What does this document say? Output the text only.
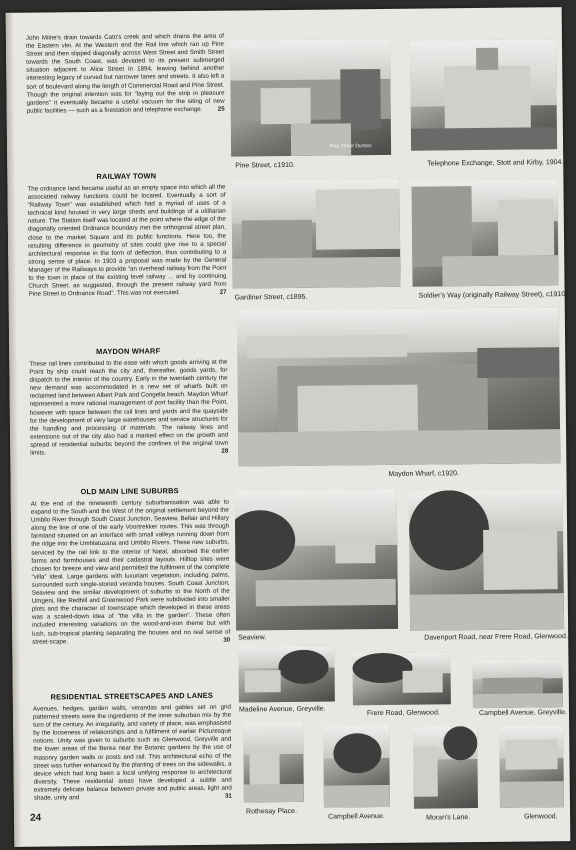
John Milne's drain towards Cato's creek and which drains the area of the Eastern vlei. At the Western end the Rail line which ran up Pine Street and then slipped diagonally across West Street and Smith Street towards the South Coast, was deviated to its present submerged situation adjacent to Alice Street in 1894, leaving behind another interesting legacy of curved but narrower lanes and streets. It also left a sort of boulevard along the length of Commercial Road and Pine Street. Though the original intention was for "laying out the strip in pleasure gardens" it eventually became a useful vacuum for the siting of new public facilities — such as a firestation and telephone exchange. 25

RAILWAY TOWN

The ordnance land became useful as an empty space into which all the associated railway functions could be located. Eventually a sort of "Railway Town" was established which had a myriad of uses of a technical kind housed in very large sheds and buildings of a utilitarian nature. The Station itself was located at the point where the edge of the diagonally oriented Ordnance boundary met the orthogonal street plan, close to the market Square and its public functions. Here too, the resulting difference in geometry of sites could give rise to a special architectural response in the form of deflection, thus contributing to a strong sense of place. In 1903 a proposal was made by the General Manager of the Railways to provide "an overhead railway from the Point to the town in place of the existing level railway ... and by continuing Church Street, as suggested, through the present railway yard from Pine Street to Ordnance Road". This was not executed.	27

MAYDON WHARF

These rail lines contributed to the ease with which goods arriving at the Point by ship could reach the city and, thereafter, goods yards, for dispatch to the interior of the country. Early in the twentieth century the new demand was accommodated in a new set of wharfs built on reclaimed land between Albert Park and Congella beach. Maydon Wharf represented a more rational management of port facility than the Point, however with space between the rail lines and yards and the quayside for the development of very large warehouses and service structures for the handling and processing of materials. The railway lines and extensions out of the city also had a marked effect on the growth and spread of residential suburbs beyond the confines of the original town limits.	28

OLD MAIN LINE SUBURBS

At the end of the nineteenth century suburbanisation was able to expand to the South and the West of the original settlement beyond the Umbilo River through South Coast Junction, Seaview, Bellair and Hillary along the line of one of the early Voortrekker routes. This was through farmland situated on an interface with small valleys running down from the ridge into the Umhlatuzana and Umbilo Rivers. These new suburbs, serviced by the rail link to the interior of Natal, absorbed the earlier farms and farmhouses and their cadastral layouts. Hilltop sites were chosen for breeze and view and permitted the fulfilment of the complete "villa" ideal. Large gardens with luxuriant vegetation, including palms, surrounded such single-storied veranda houses. South Coast Junction, Seaview and the similar development of suburbs to the North of the Umgeni, like Redhill and Greenwood Park were subdivided into smaller plots and the character of townscape which developed in these areas was a scaled-down idea of "the villa in the garden". These often included interesting variations on the wood-and-iron theme but with lush, sub-tropical planting separating the houses and no real sense of street-scape.	30

RESIDENTIAL STREETSCAPES AND LANES

Avenues, hedges, garden walls, verandas and gables set on grid patterned streets were the ingredients of the inner suburban mix by the turn of the century. An irregularity, and variety of place, was emphasised by the looseness of relationships and a fulfilment of earlier Picturesque notions. Unity was given to suburbs such as Glenwood, Greyville and the lower areas of the Berea near the Botanic gardens by the use of masonry garden walls or posts and rail. This architectural echo of the street was further enhanced by the planting of trees on the sidewalks, a device which had long been a local unifying response to architectural diversity. These residential areas have developed a subtle and extremely delicate balance between private and public areas, light and shade, unity and	31

24
Pine Street Durban
Pine Street, c1910.	Telephone Exchange, Stott and Kirby, 1904.
Gardiner Street, c1895.	Soldier's Way (originally Railway Street), c1910.
Maydon Wharf, c1920.
Seaview.	Davenport Road, near Frere Road, Glenwood.
Madeline Avenue, Greyville.	Frere Road, Glenwood.	Campbell Avenue, Greyville.
Rothesay Place.
Campbell Avenue.	Moran's Lane.	Glenwood.
